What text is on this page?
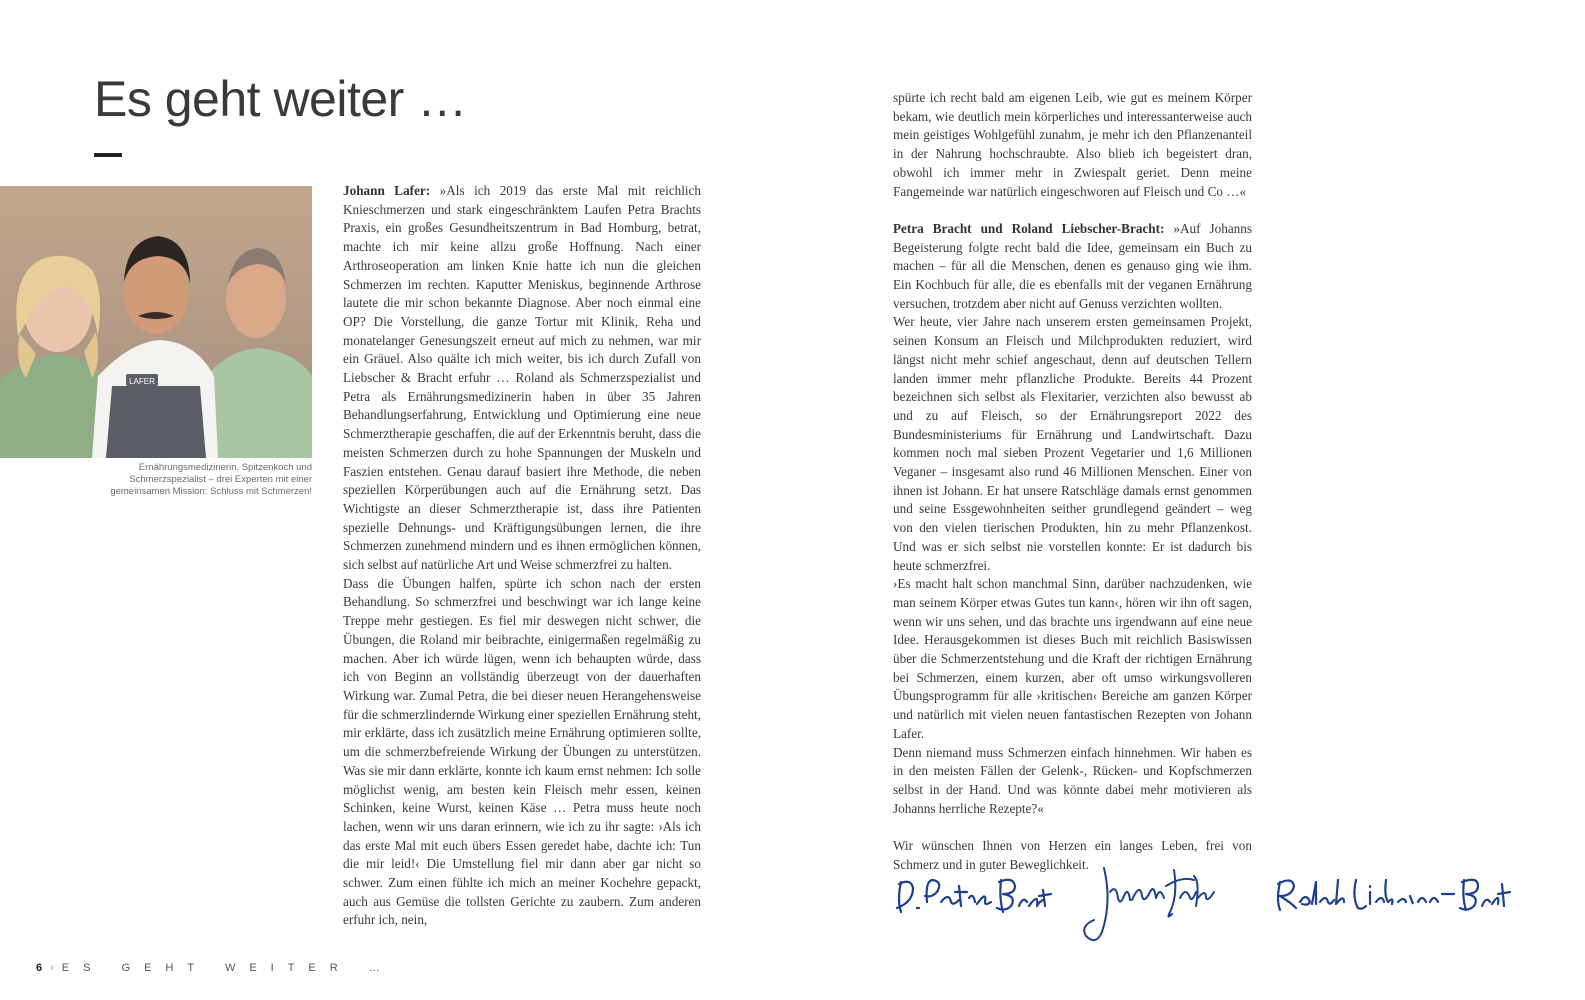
Es geht weiter …
LAFER
Ernährungsmedizinerin, Spitzenkoch und Schmerzspezialist – drei Experten mit einer gemeinsamen Mission: Schluss mit Schmerzen!

Johann Lafer: »Als ich 2019 das erste Mal mit reichlich Knieschmerzen und stark eingeschränktem Laufen Petra Brachts Praxis, ein großes Gesundheitszentrum in Bad Homburg, betrat, machte ich mir keine allzu große Hoffnung. Nach einer Arthroseoperation am linken Knie hatte ich nun die gleichen Schmerzen im rechten. Kaputter Meniskus, beginnende Arthrose lautete die mir schon bekannte Diagnose. Aber noch einmal eine OP? Die Vorstellung, die ganze Tortur mit Klinik, Reha und monatelanger Genesungszeit erneut auf mich zu nehmen, war mir ein Gräuel. Also quälte ich mich weiter, bis ich durch Zufall von Liebscher & Bracht erfuhr … Roland als Schmerzspezialist und Petra als Ernährungsmedizinerin haben in über 35 Jahren Behandlungserfahrung, Entwicklung und Optimierung eine neue Schmerztherapie geschaffen, die auf der Erkenntnis beruht, dass die meisten Schmerzen durch zu hohe Spannungen der Muskeln und Faszien entstehen. Genau darauf basiert ihre Methode, die neben speziellen Körperübungen auch auf die Ernährung setzt. Das Wichtigste an dieser Schmerztherapie ist, dass ihre Patienten spezielle Dehnungs- und Kräftigungsübungen lernen, die ihre Schmerzen zunehmend mindern und es ihnen ermöglichen können, sich selbst auf natürliche Art und Weise schmerzfrei zu halten.

Dass die Übungen halfen, spürte ich schon nach der ersten Behandlung. So schmerzfrei und beschwingt war ich lange keine Treppe mehr gestiegen. Es fiel mir deswegen nicht schwer, die Übungen, die Roland mir beibrachte, einigermaßen regelmäßig zu machen. Aber ich würde lügen, wenn ich behaupten würde, dass ich von Beginn an vollständig überzeugt von der dauerhaften Wirkung war. Zumal Petra, die bei dieser neuen Herangehensweise für die schmerzlindernde Wirkung einer speziellen Ernährung steht, mir erklärte, dass ich zusätzlich meine Ernährung optimieren sollte, um die schmerzbefreiende Wirkung der Übungen zu unterstützen. Was sie mir dann erklärte, konnte ich kaum ernst nehmen: Ich solle möglichst wenig, am besten kein Fleisch mehr essen, keinen Schinken, keine Wurst, keinen Käse … Petra muss heute noch lachen, wenn wir uns daran erinnern, wie ich zu ihr sagte: ›Als ich das erste Mal mit euch übers Essen geredet habe, dachte ich: Tun die mir leid!‹ Die Umstellung fiel mir dann aber gar nicht so schwer. Zum einen fühlte ich mich an meiner Kochehre gepackt, auch aus Gemüse die tollsten Gerichte zu zaubern. Zum anderen erfuhr ich, nein,

spürte ich recht bald am eigenen Leib, wie gut es meinem Körper bekam, wie deutlich mein körperliches und interessanterweise auch mein geistiges Wohlgefühl zunahm, je mehr ich den Pflanzenanteil in der Nahrung hochschraubte. Also blieb ich begeistert dran, obwohl ich immer mehr in Zwiespalt geriet. Denn meine Fangemeinde war natürlich eingeschworen auf Fleisch und Co …«

Petra Bracht und Roland Liebscher-Bracht: »Auf Johanns Begeisterung folgte recht bald die Idee, gemeinsam ein Buch zu machen – für all die Menschen, denen es genauso ging wie ihm. Ein Kochbuch für alle, die es ebenfalls mit der veganen Ernährung versuchen, trotzdem aber nicht auf Genuss verzichten wollten.

Wer heute, vier Jahre nach unserem ersten gemeinsamen Projekt, seinen Konsum an Fleisch und Milchprodukten reduziert, wird längst nicht mehr schief angeschaut, denn auf deutschen Tellern landen immer mehr pflanzliche Produkte. Bereits 44 Prozent bezeichnen sich selbst als Flexitarier, verzichten also bewusst ab und zu auf Fleisch, so der Ernährungsreport 2022 des Bundesministeriums für Ernährung und Landwirtschaft. Dazu kommen noch mal sieben Prozent Vegetarier und 1,6 Millionen Veganer – insgesamt also rund 46 Millionen Menschen. Einer von ihnen ist Johann. Er hat unsere Ratschläge damals ernst genommen und seine Essgewohnheiten seither grundlegend geändert – weg von den vielen tierischen Produkten, hin zu mehr Pflanzenkost. Und was er sich selbst nie vorstellen konnte: Er ist dadurch bis heute schmerzfrei.

›Es macht halt schon manchmal Sinn, darüber nachzudenken, wie man seinem Körper etwas Gutes tun kann‹, hören wir ihn oft sagen, wenn wir uns sehen, und das brachte uns irgendwann auf eine neue Idee. Herausgekommen ist dieses Buch mit reichlich Basiswissen über die Schmerzentstehung und die Kraft der richtigen Ernährung bei Schmerzen, einem kurzen, aber oft umso wirkungsvolleren Übungsprogramm für alle ›kritischen‹ Bereiche am ganzen Körper und natürlich mit vielen neuen fantastischen Rezepten von Johann Lafer.

Denn niemand muss Schmerzen einfach hinnehmen. Wir haben es in den meisten Fällen der Gelenk-, Rücken- und Kopfschmerzen selbst in der Hand. Und was könnte dabei mehr motivieren als Johanns herrliche Rezepte?«

Wir wünschen Ihnen von Herzen ein langes Leben, frei von Schmerz und in guter Beweglichkeit.

6 › ES GEHT WEITER …
